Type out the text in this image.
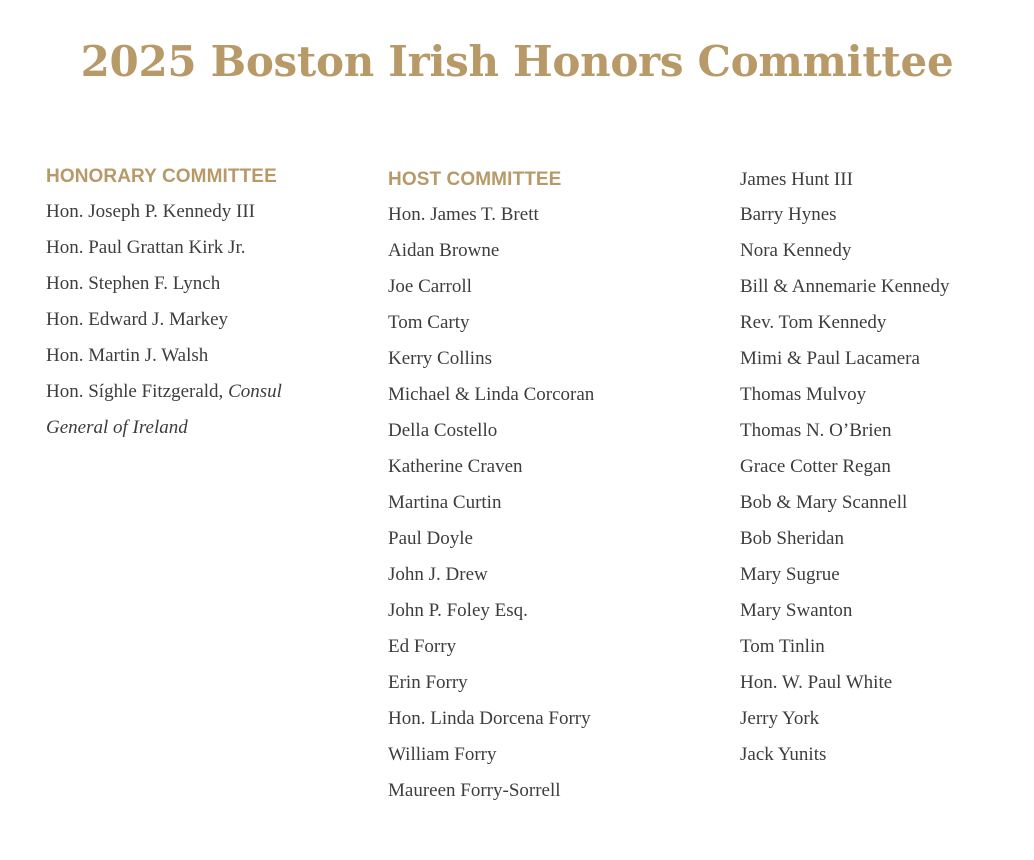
2025 Boston Irish Honors Committee
HONORARY COMMITTEE
Hon. Joseph P. Kennedy III
Hon. Paul Grattan Kirk Jr.
Hon. Stephen F. Lynch
Hon. Edward J. Markey
Hon. Martin J. Walsh
Hon. Síghle Fitzgerald, Consul
General of Ireland
HOST COMMITTEE
Hon. James T. Brett
Aidan Browne
Joe Carroll
Tom Carty
Kerry Collins
Michael & Linda Corcoran
Della Costello
Katherine Craven
Martina Curtin
Paul Doyle
John J. Drew
John P. Foley Esq.
Ed Forry
Erin Forry
Hon. Linda Dorcena Forry
William Forry
Maureen Forry-Sorrell
James Hunt III
Barry Hynes
Nora Kennedy
Bill & Annemarie Kennedy
Rev. Tom Kennedy
Mimi & Paul Lacamera
Thomas Mulvoy
Thomas N. O’Brien
Grace Cotter Regan
Bob & Mary Scannell
Bob Sheridan
Mary Sugrue
Mary Swanton
Tom Tinlin
Hon. W. Paul White
Jerry York
Jack Yunits
